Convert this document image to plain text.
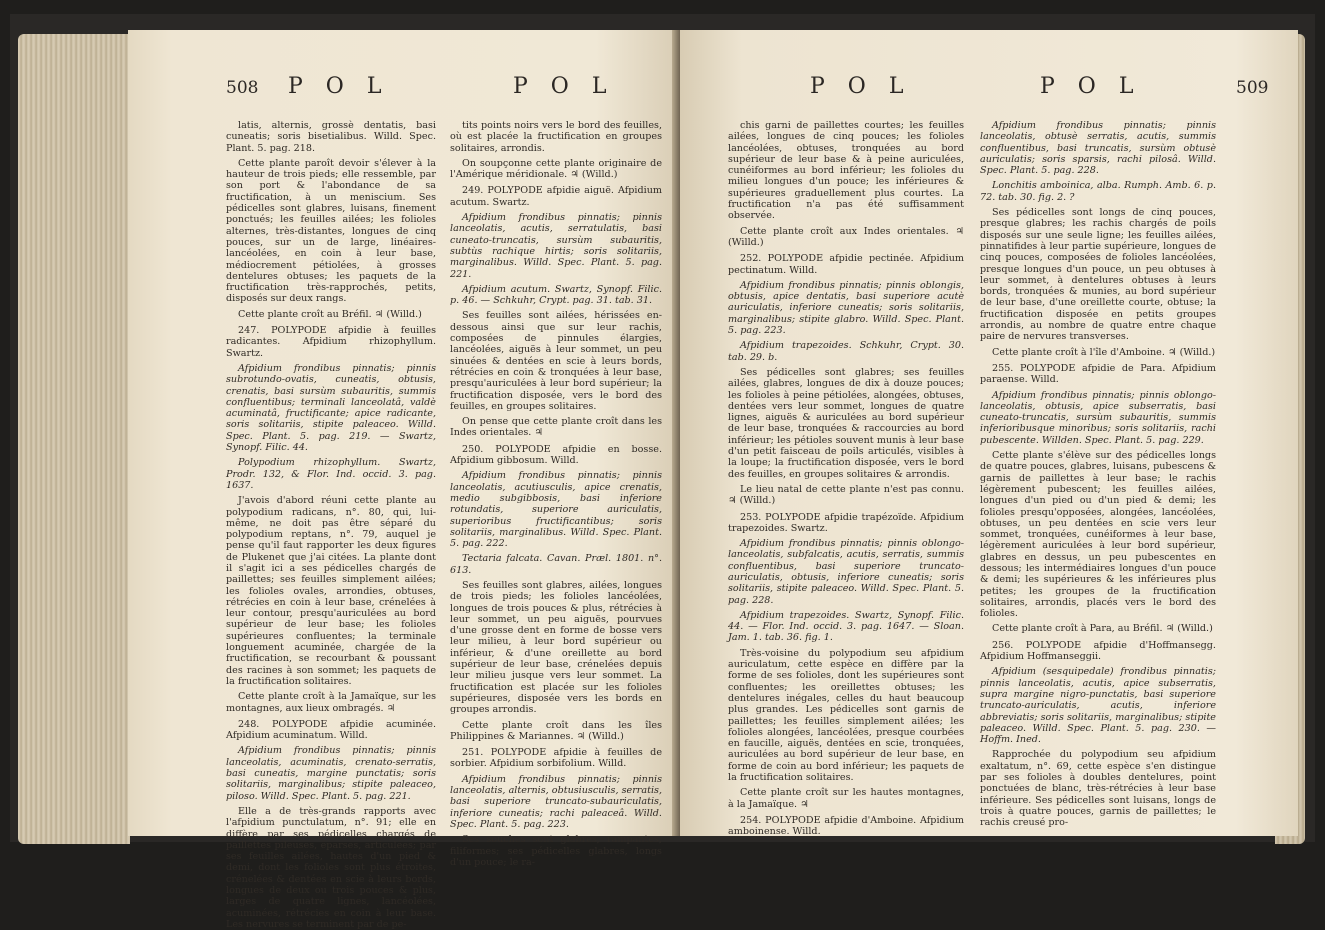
508 P O L	P O L

latis, alternis, grossè dentatis, basi cuneatis; soris bisetialibus. Willd. Spec. Plant. 5. pag. 218.

Cette plante paroît devoir s'élever à la hauteur de trois pieds; elle ressemble, par son port & l'abondance de sa fructification, à un meniscium. Ses pédicelles sont glabres, luisans, finement ponctués; les feuilles ailées; les folioles alternes, très-distantes, longues de cinq pouces, sur un de large, linéaires-lancéolées, en coin à leur base, médiocrement pétiolées, à grosses dentelures obtuses; les paquets de la fructification très-rapprochés, petits, disposés sur deux rangs.

Cette plante croît au Bréfil. ♃ (Willd.)

247. POLYPODE afpidie à feuilles radicantes. Afpidium rhizophyllum. Swartz.

Afpidium frondibus pinnatis; pinnis subrotundo-ovatis, cuneatis, obtusis, crenatis, basi sursùm subauritis, summis confluentibus; terminali lanceolatâ, valdè acuminatâ, fructificante; apice radicante, soris solitariis, stipite paleaceo. Willd. Spec. Plant. 5. pag. 219. — Swartz, Synopf. Filic. 44.

Polypodium rhizophyllum. Swartz, Prodr. 132, & Flor. Ind. occid. 3. pag. 1637.

J'avois d'abord réuni cette plante au polypodium radicans, n°. 80, qui, lui-même, ne doit pas être séparé du polypodium reptans, n°. 79, auquel je pense qu'il faut rapporter les deux figures de Plukenet que j'ai citées. La plante dont il s'agit ici a ses pédicelles chargés de paillettes; ses feuilles simplement ailées; les folioles ovales, arrondies, obtuses, rétrécies en coin à leur base, crénelées à leur contour, presqu'auriculées au bord supérieur de leur base; les folioles supérieures confluentes; la terminale longuement acuminée, chargée de la fructification, se recourbant & poussant des racines à son sommet; les paquets de la fructification solitaires.

Cette plante croît à la Jamaïque, sur les montagnes, aux lieux ombragés. ♃

248. POLYPODE afpidie acuminée. Afpidium acuminatum. Willd.

Afpidium frondibus pinnatis; pinnis lanceolatis, acuminatis, crenato-serratis, basi cuneatis, margine punctatis; soris solitariis, marginalibus; stipite paleaceo, piloso. Willd. Spec. Plant. 5. pag. 221.

Elle a de très-grands rapports avec l'afpidium punctulatum, n°. 91; elle en diffère par ses pédicelles chargés de paillettes pileuses, éparses, articulées; par ses feuilles ailées, hautes d'un pied & demi, dont les folioles sont plus étroites, crénelées & dentées en scie à leurs bords, longues de deux ou trois pouces & plus, larges de quatre lignes, lancéolées, acuminées, rétrécies en coin à leur base. Les nervures se terminent par de pe-

tits points noirs vers le bord des feuilles, où est placée la fructification en groupes solitaires, arrondis.

On soupçonne cette plante originaire de l'Amérique méridionale. ♃ (Willd.)

249. POLYPODE afpidie aiguë. Afpidium acutum. Swartz.

Afpidium frondibus pinnatis; pinnis lanceolatis, acutis, serratulatis, basi cuneato-truncatis, sursùm subauritis, subtùs rachique hirtis; soris solitariis, marginalibus. Willd. Spec. Plant. 5. pag. 221.

Afpidium acutum. Swartz, Synopf. Filic. p. 46. — Schkuhr, Crypt. pag. 31. tab. 31.

Ses feuilles sont ailées, hérissées en-dessous ainsi que sur leur rachis, composées de pinnules élargies, lancéolées, aiguës à leur sommet, un peu sinuées & dentées en scie à leurs bords, rétrécies en coin & tronquées à leur base, presqu'auriculées à leur bord supérieur; la fructification disposée, vers le bord des feuilles, en groupes solitaires.

On pense que cette plante croît dans les Indes orientales. ♃

250. POLYPODE afpidie en bosse. Afpidium gibbosum. Willd.

Afpidium frondibus pinnatis; pinnis lanceolatis, acutiusculis, apice crenatis, medio subgibbosis, basi inferiore rotundatis, superiore auriculatis, superioribus fructificantibus; soris solitariis, marginalibus. Willd. Spec. Plant. 5. pag. 222.

Tectaria falcata. Cavan. Præl. 1801. n°. 613.

Ses feuilles sont glabres, ailées, longues de trois pieds; les folioles lancéolées, longues de trois pouces & plus, rétrécies à leur sommet, un peu aiguës, pourvues d'une grosse dent en forme de bosse vers leur milieu, à leur bord supérieur ou inférieur, & d'une oreillette au bord supérieur de leur base, crénelées depuis leur milieu jusque vers leur sommet. La fructification est placée sur les folioles supérieures, disposée vers les bords en groupes arrondis.

Cette plante croît dans les îles Philippines & Mariannes. ♃ (Willd.)

251. POLYPODE afpidie à feuilles de sorbier. Afpidium sorbifolium. Willd.

Afpidium frondibus pinnatis; pinnis lanceolatis, alternis, obtusiusculis, serratis, basi superiore truncato-subauriculatis, inferiore cuneatis; rachi paleaceâ. Willd. Spec. Plant. 5. pag. 223.

Ses souches sont glabres, rampantes, filiformes; ses pédicelles glabres, longs d'un pouce; le ra-

P O L	P O L	509

chis garni de paillettes courtes; les feuilles ailées, longues de cinq pouces; les folioles lancéolées, obtuses, tronquées au bord supérieur de leur base & à peine auriculées, cunéiformes au bord inférieur; les folioles du milieu longues d'un pouce; les inférieures & supérieures graduellement plus courtes. La fructification n'a pas été suffisamment observée.

Cette plante croît aux Indes orientales. ♃ (Willd.)

252. POLYPODE afpidie pectinée. Afpidium pectinatum. Willd.

Afpidium frondibus pinnatis; pinnis oblongis, obtusis, apice dentatis, basi superiore acutè auriculatis, inferiore cuneatis; soris solitariis, marginalibus; stipite glabro. Willd. Spec. Plant. 5. pag. 223.

Afpidium trapezoides. Schkuhr, Crypt. 30. tab. 29. b.

Ses pédicelles sont glabres; ses feuilles ailées, glabres, longues de dix à douze pouces; les folioles à peine pétiolées, alongées, obtuses, dentées vers leur sommet, longues de quatre lignes, aiguës & auriculées au bord supérieur de leur base, tronquées & raccourcies au bord inférieur; les pétioles souvent munis à leur base d'un petit faisceau de poils articulés, visibles à la loupe; la fructification disposée, vers le bord des feuilles, en groupes solitaires & arrondis.

Le lieu natal de cette plante n'est pas connu. ♃ (Willd.)

253. POLYPODE afpidie trapézoïde. Afpidium trapezoides. Swartz.

Afpidium frondibus pinnatis; pinnis oblongo-lanceolatis, subfalcatis, acutis, serratis, summis confluentibus, basi superiore truncato-auriculatis, obtusis, inferiore cuneatis; soris solitariis, stipite paleaceo. Willd. Spec. Plant. 5. pag. 228.

Afpidium trapezoides. Swartz, Synopf. Filic. 44. — Flor. Ind. occid. 3. pag. 1647. — Sloan. Jam. 1. tab. 36. fig. 1.

Très-voisine du polypodium seu afpidium auriculatum, cette espèce en diffère par la forme de ses folioles, dont les supérieures sont confluentes; les oreillettes obtuses; les dentelures inégales, celles du haut beaucoup plus grandes. Les pédicelles sont garnis de paillettes; les feuilles simplement ailées; les folioles alongées, lancéolées, presque courbées en faucille, aiguës, dentées en scie, tronquées, auriculées au bord supérieur de leur base, en forme de coin au bord inférieur; les paquets de la fructification solitaires.

Cette plante croît sur les hautes montagnes, à la Jamaïque. ♃

254. POLYPODE afpidie d'Amboine. Afpidium amboinense. Willd.

Afpidium frondibus pinnatis; pinnis lanceolatis, obtusè serratis, acutis, summis confluentibus, basi truncatis, sursùm obtusè auriculatis; soris sparsis, rachi pilosâ. Willd. Spec. Plant. 5. pag. 228.

Lonchitis amboinica, alba. Rumph. Amb. 6. p. 72. tab. 30. fig. 2. ?

Ses pédicelles sont longs de cinq pouces, presque glabres; les rachis chargés de poils disposés sur une seule ligne; les feuilles ailées, pinnatifides à leur partie supérieure, longues de cinq pouces, composées de folioles lancéolées, presque longues d'un pouce, un peu obtuses à leur sommet, à dentelures obtuses à leurs bords, tronquées & munies, au bord supérieur de leur base, d'une oreillette courte, obtuse; la fructification disposée en petits groupes arrondis, au nombre de quatre entre chaque paire de nervures transverses.

Cette plante croît à l'île d'Amboine. ♃ (Willd.)

255. POLYPODE afpidie de Para. Afpidium paraense. Willd.

Afpidium frondibus pinnatis; pinnis oblongo-lanceolatis, obtusis, apice subserratis, basi cuneato-truncatis, sursùm subauritis, summis inferioribusque minoribus; soris solitariis, rachi pubescente. Willden. Spec. Plant. 5. pag. 229.

Cette plante s'élève sur des pédicelles longs de quatre pouces, glabres, luisans, pubescens & garnis de paillettes à leur base; le rachis légèrement pubescent; les feuilles ailées, longues d'un pied ou d'un pied & demi; les folioles presqu'opposées, alongées, lancéolées, obtuses, un peu dentées en scie vers leur sommet, tronquées, cunéiformes à leur base, légèrement auriculées à leur bord supérieur, glabres en dessus, un peu pubescentes en dessous; les intermédiaires longues d'un pouce & demi; les supérieures & les inférieures plus petites; les groupes de la fructification solitaires, arrondis, placés vers le bord des folioles.

Cette plante croît à Para, au Bréfil. ♃ (Willd.)

256. POLYPODE afpidie d'Hoffmansegg. Afpidium Hoffmanseggii.

Afpidium (sesquipedale) frondibus pinnatis; pinnis lanceolatis, acutis, apice subserratis, supra margine nigro-punctatis, basi superiore truncato-auriculatis, acutis, inferiore abbreviatis; soris solitariis, marginalibus; stipite paleaceo. Willd. Spec. Plant. 5. pag. 230. — Hoffm. Ined.

Rapprochée du polypodium seu afpidium exaltatum, n°. 69, cette espèce s'en distingue par ses folioles à doubles dentelures, point ponctuées de blanc, très-rétrécies à leur base inférieure. Ses pédicelles sont luisans, longs de trois à quatre pouces, garnis de paillettes; le rachis creusé pro-
